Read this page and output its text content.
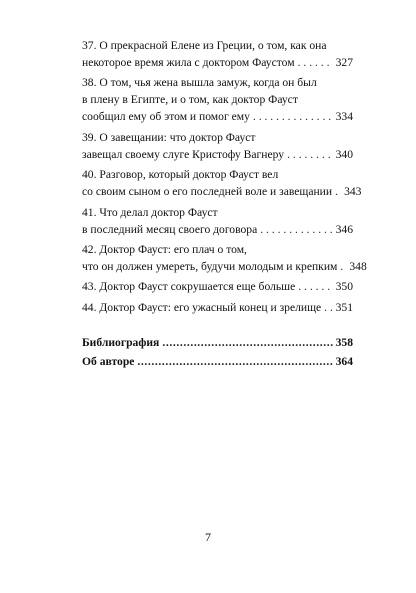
37. О прекрасной Елене из Греции, о том, как она
некоторое время жила с доктором Фаустом . . .	327
38. О том, чья жена вышла замуж, когда он был
в плену в Египте, и о том, как доктор Фауст
сообщил ему об этом и помог ему . . .	334
39. О завещании: что доктор Фауст
завещал своему слуге Кристофу Вагнеру . . .	340
40. Разговор, который доктор Фауст вел
со своим сыном о его последней воле и завещании . . . 343
41. Что делал доктор Фауст
в последний месяц своего договора . . .	346
42. Доктор Фауст: его плач о том,
что он должен умереть, будучи молодым и крепким . . . 348
43. Доктор Фауст сокрушается еще больше . . .	350
44. Доктор Фауст: его ужасный конец и зрелище . . . 351
Библиография .....	358
Об авторе .....	364
7
